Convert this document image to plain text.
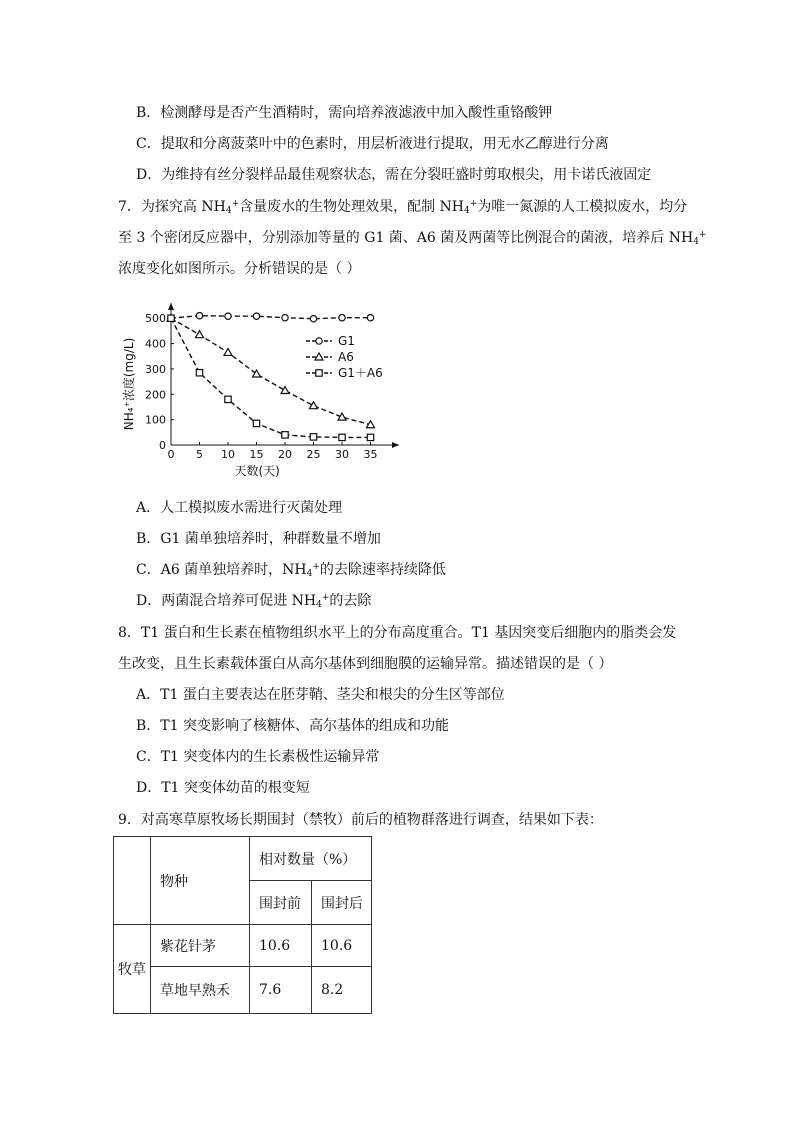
B．检测酵母是否产生酒精时，需向培养液滤液中加入酸性重铬酸钾
C．提取和分离菠菜叶中的色素时，用层析液进行提取，用无水乙醇进行分离
D．为维持有丝分裂样品最佳观察状态，需在分裂旺盛时剪取根尖，用卡诺氏液固定
7．为探究高 $NH_4^+$含量废水的生物处理效果，配制 $NH_4^+$为唯一氮源的人工模拟废水，均分
至 3 个密闭反应器中，分别添加等量的 G1 菌、A6 菌及两菌等比例混合的菌液，培养后 $NH_4^+$
浓度变化如图所示。分析错误的是（ ）
0 5 10 15 20 25 30 35
0
100
200
300
400
500
天数(天)
NH₄⁺浓度(mg/L)	G1
A6
G1＋A6
A．人工模拟废水需进行灭菌处理
B．G1 菌单独培养时，种群数量不增加
C．A6 菌单独培养时，$NH_4^+$的去除速率持续降低
D．两菌混合培养可促进 $NH_4^+$的去除
8．T1 蛋白和生长素在植物组织水平上的分布高度重合。T1 基因突变后细胞内的脂类会发
生改变，且生长素载体蛋白从高尔基体到细胞膜的运输异常。描述错误的是（ ）
A．T1 蛋白主要表达在胚芽鞘、茎尖和根尖的分生区等部位
B．T1 突变影响了核糖体、高尔基体的组成和功能
C．T1 突变体内的生长素极性运输异常
D．T1 突变体幼苗的根变短
9．对高寒草原牧场长期围封（禁牧）前后的植物群落进行调查，结果如下表：
	物种	相对数量（%）	
		围封前	围封后
牧草	紫花针茅	10.6	10.6
	草地早熟禾	7.6	8.2
